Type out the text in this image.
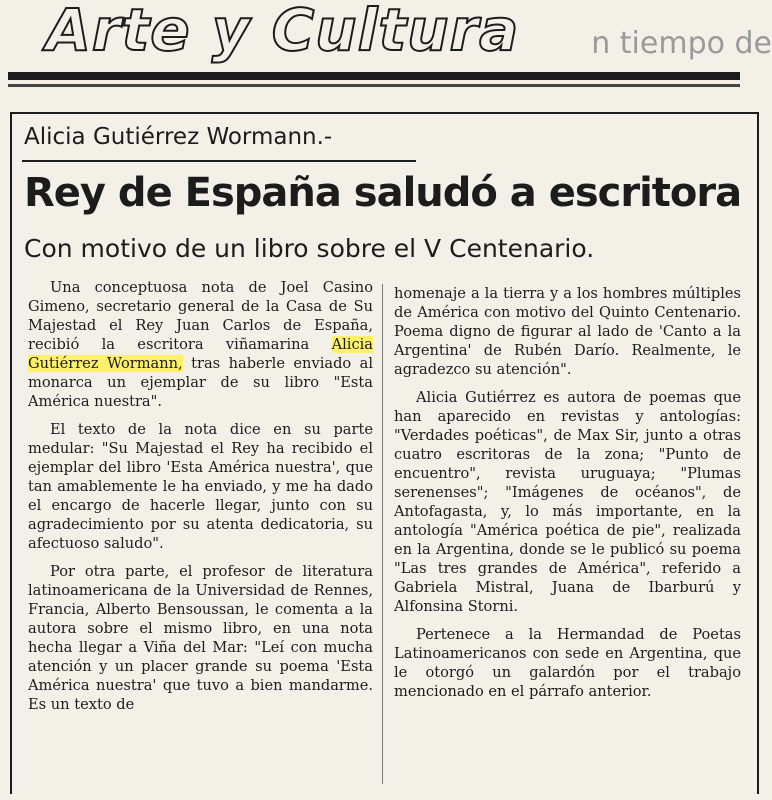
Arte y Cultura n tiempo de
Alicia Gutiérrez Wormann.-
Rey de España saludó a escritora
Con motivo de un libro sobre el V Centenario.

Una conceptuosa nota de Joel Casino Gimeno, secretario general de la Casa de Su Majestad el Rey Juan Carlos de España, recibió la escritora viñamarina Alicia Gutiérrez Wormann, tras haberle enviado al monarca un ejemplar de su libro "Esta América nuestra".

El texto de la nota dice en su parte medular: "Su Majestad el Rey ha recibido el ejemplar del libro 'Esta América nuestra', que tan amablemente le ha enviado, y me ha dado el encargo de hacerle llegar, junto con su agradecimiento por su atenta dedicatoria, su afectuoso saludo".

Por otra parte, el profesor de literatura latinoamericana de la Universidad de Rennes, Francia, Alberto Bensoussan, le comenta a la autora sobre el mismo libro, en una nota hecha llegar a Viña del Mar: "Leí con mucha atención y un placer grande su poema 'Esta América nuestra' que tuvo a bien mandarme. Es un texto de

homenaje a la tierra y a los hombres múltiples de América con motivo del Quinto Centenario. Poema digno de figurar al lado de 'Canto a la Argentina' de Rubén Darío. Realmente, le agradezco su atención".

Alicia Gutiérrez es autora de poemas que han aparecido en revistas y antologías: "Verdades poéticas", de Max Sir, junto a otras cuatro escritoras de la zona; "Punto de encuentro", revista uruguaya; "Plumas serenenses"; "Imágenes de océanos", de Antofagasta, y, lo más importante, en la antología "América poética de pie", realizada en la Argentina, donde se le publicó su poema "Las tres grandes de América", referido a Gabriela Mistral, Juana de Ibarburú y Alfonsina Storni.

Pertenece a la Hermandad de Poetas Latinoamericanos con sede en Argentina, que le otorgó un galardón por el trabajo mencionado en el párrafo anterior.
